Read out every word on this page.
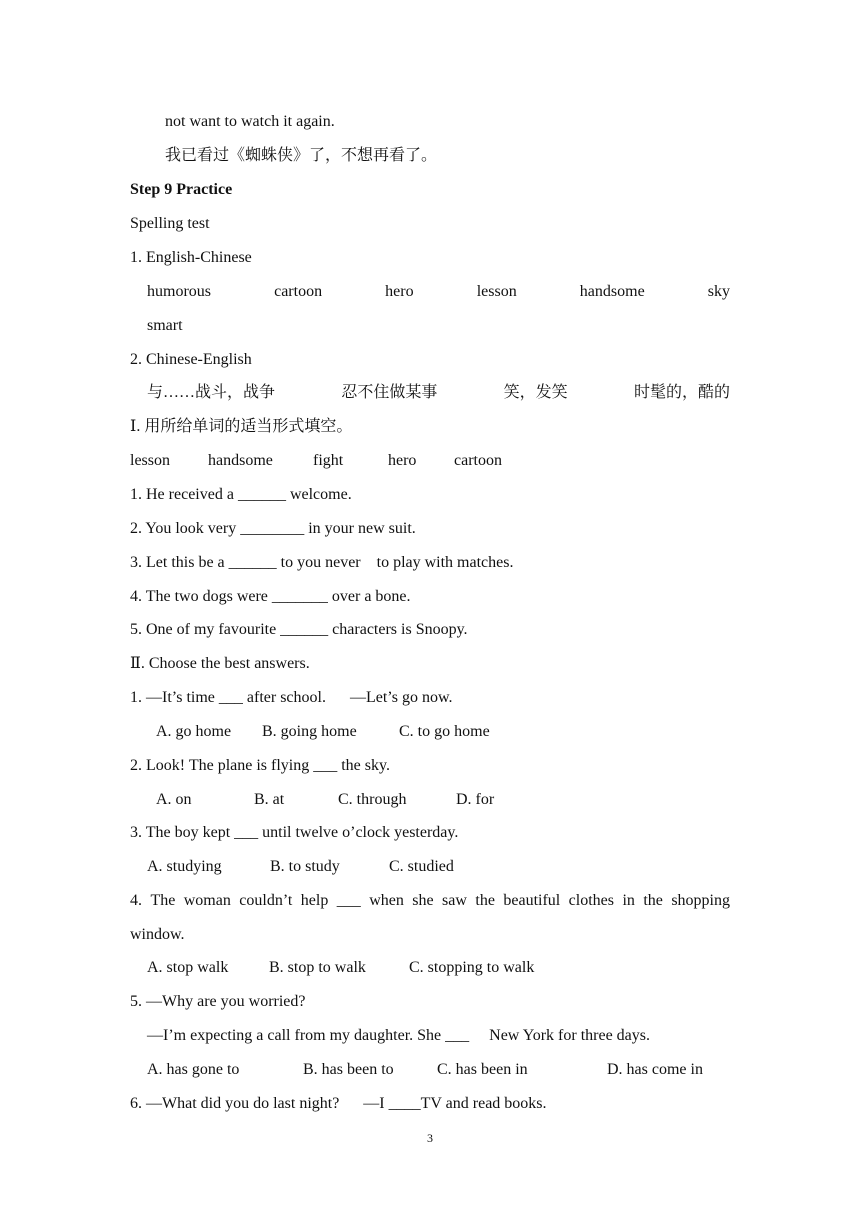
not want to watch it again.
我已看过《蜘蛛侠》了，不想再看了。
Step 9 Practice
Spelling test
1. English-Chinese
humorous	cartoon	hero	lesson	handsome	sky
smart
2. Chinese-English
与……战斗，战争	忍不住做某事	笑，发笑	时髦的，酷的
Ⅰ. 用所给单词的适当形式填空。
lesson handsome	fight	hero cartoon
1. He received a ______ welcome.
2. You look very ________ in your new suit.
3. Let this be a ______ to you never    to play with matches.
4. The two dogs were _______ over a bone.
5. One of my favourite ______ characters is Snoopy.
Ⅱ. Choose the best answers.
1. —It’s time ___ after school.      —Let’s go now.
A. go home B. going home	C. to go home
2. Look! The plane is flying ___ the sky.
A. on	B. at	C. through	D. for
3. The boy kept ___ until twelve o’clock yesterday.
A. studying	B. to study	C. studied
4. The woman couldn’t help ___ when she saw the beautiful clothes in the shopping
window.
A. stop walk	B. stop to walk	C. stopping to walk
5. —Why are you worried?
—I’m expecting a call from my daughter. She ___     New York for three days.
A. has gone to	B. has been to	C. has been in	D. has come in
6. —What did you do last night?      —I ____TV and read books.
3
